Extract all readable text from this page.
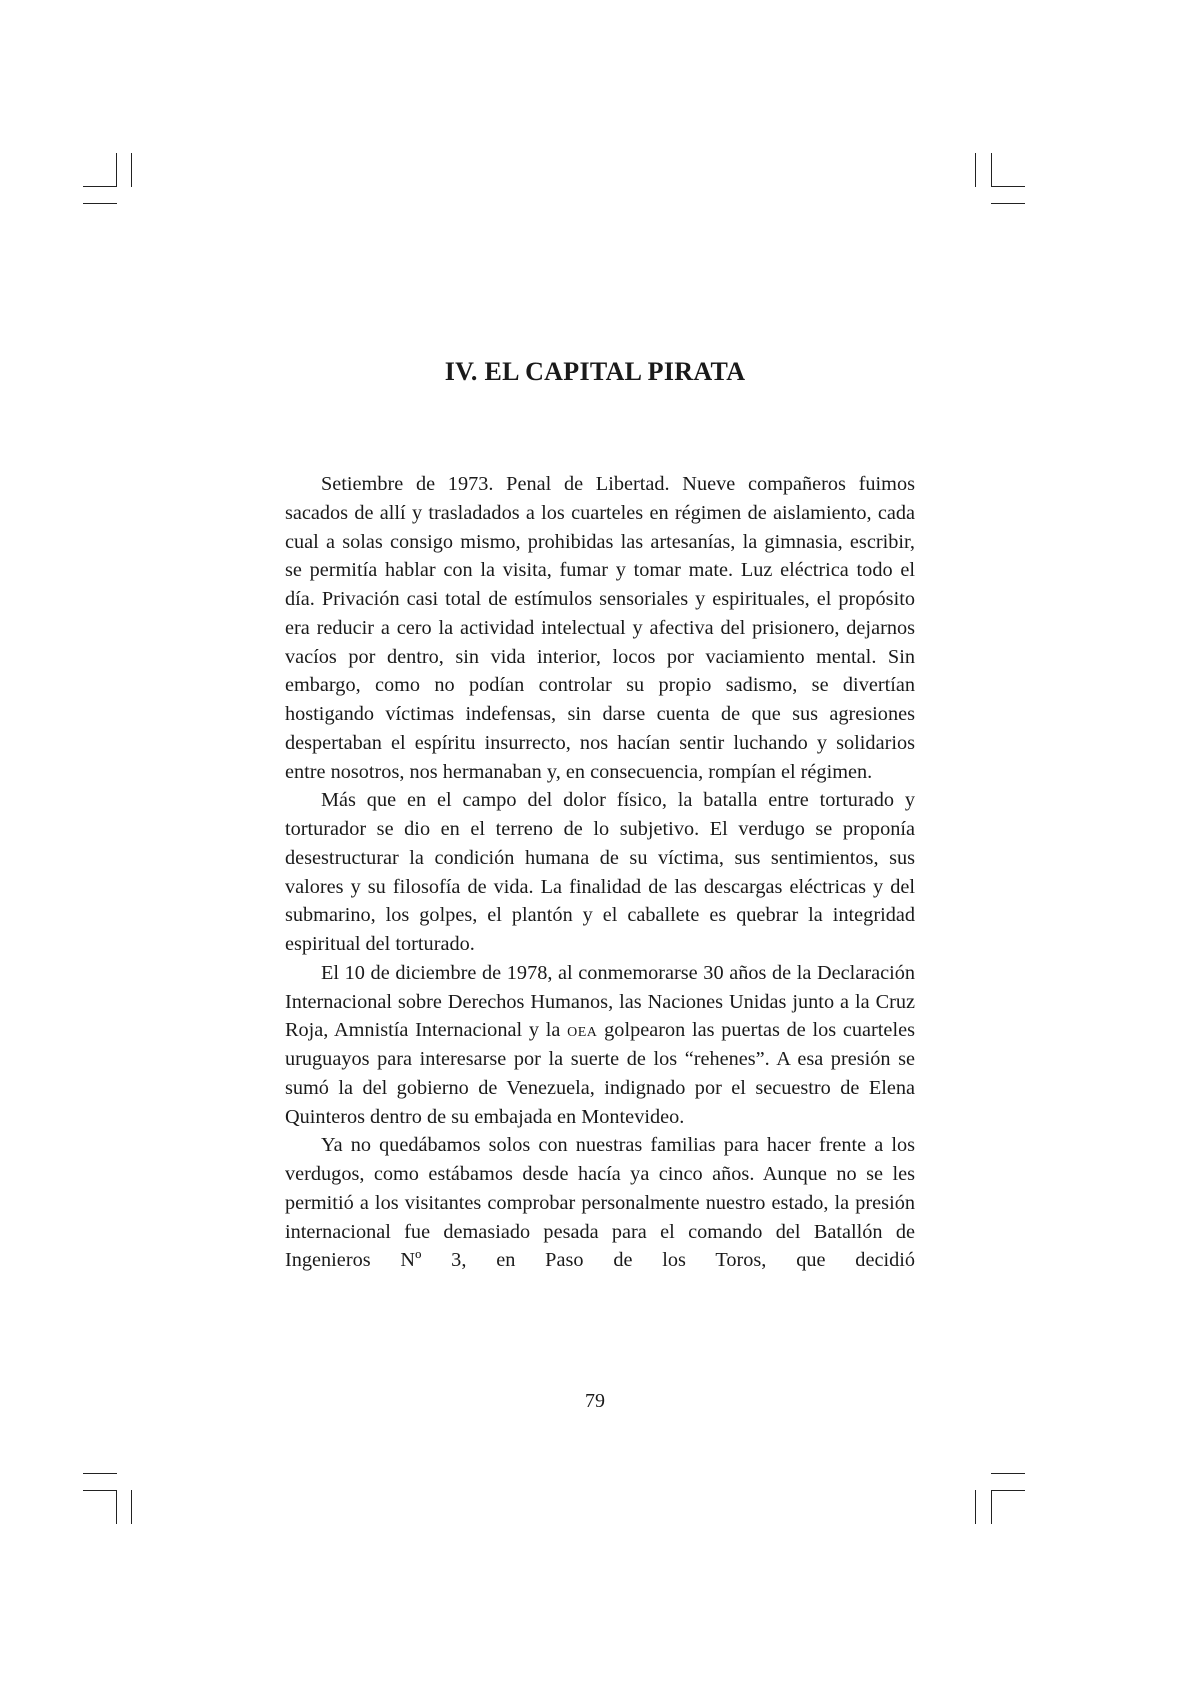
IV. EL CAPITAL PIRATA

Setiembre de 1973. Penal de Libertad. Nueve compañeros fuimos sacados de allí y trasladados a los cuarteles en régimen de aislamiento, cada cual a solas consigo mismo, prohibidas las artesanías, la gimnasia, escribir, se permitía hablar con la visita, fumar y tomar mate. Luz eléctrica todo el día. Privación casi total de estímulos sensoriales y espirituales, el propósito era reducir a cero la actividad intelectual y afectiva del prisionero, dejarnos vacíos por dentro, sin vida interior, locos por vaciamiento mental. Sin embargo, como no podían controlar su propio sadismo, se divertían hostigando víctimas indefensas, sin darse cuenta de que sus agresiones despertaban el espíritu insurrecto, nos hacían sentir luchando y solidarios entre nosotros, nos hermanaban y, en consecuencia, rompían el régimen.

Más que en el campo del dolor físico, la batalla entre torturado y torturador se dio en el terreno de lo subjetivo. El verdugo se proponía desestructurar la condición humana de su víctima, sus sentimientos, sus valores y su filosofía de vida. La finalidad de las descargas eléctricas y del submarino, los golpes, el plantón y el caballete es quebrar la integridad espiritual del torturado.

El 10 de diciembre de 1978, al conmemorarse 30 años de la Declaración Internacional sobre Derechos Humanos, las Naciones Unidas junto a la Cruz Roja, Amnistía Internacional y la oea golpearon las puertas de los cuarteles uruguayos para interesarse por la suerte de los “rehenes”. A esa presión se sumó la del gobierno de Venezuela, indignado por el secuestro de Elena Quinteros dentro de su embajada en Montevideo.

Ya no quedábamos solos con nuestras familias para hacer frente a los verdugos, como estábamos desde hacía ya cinco años. Aunque no se les permitió a los visitantes comprobar personalmente nuestro estado, la presión internacional fue demasiado pesada para el comando del Batallón de Ingenieros Nº 3, en Paso de los Toros, que decidió

79
